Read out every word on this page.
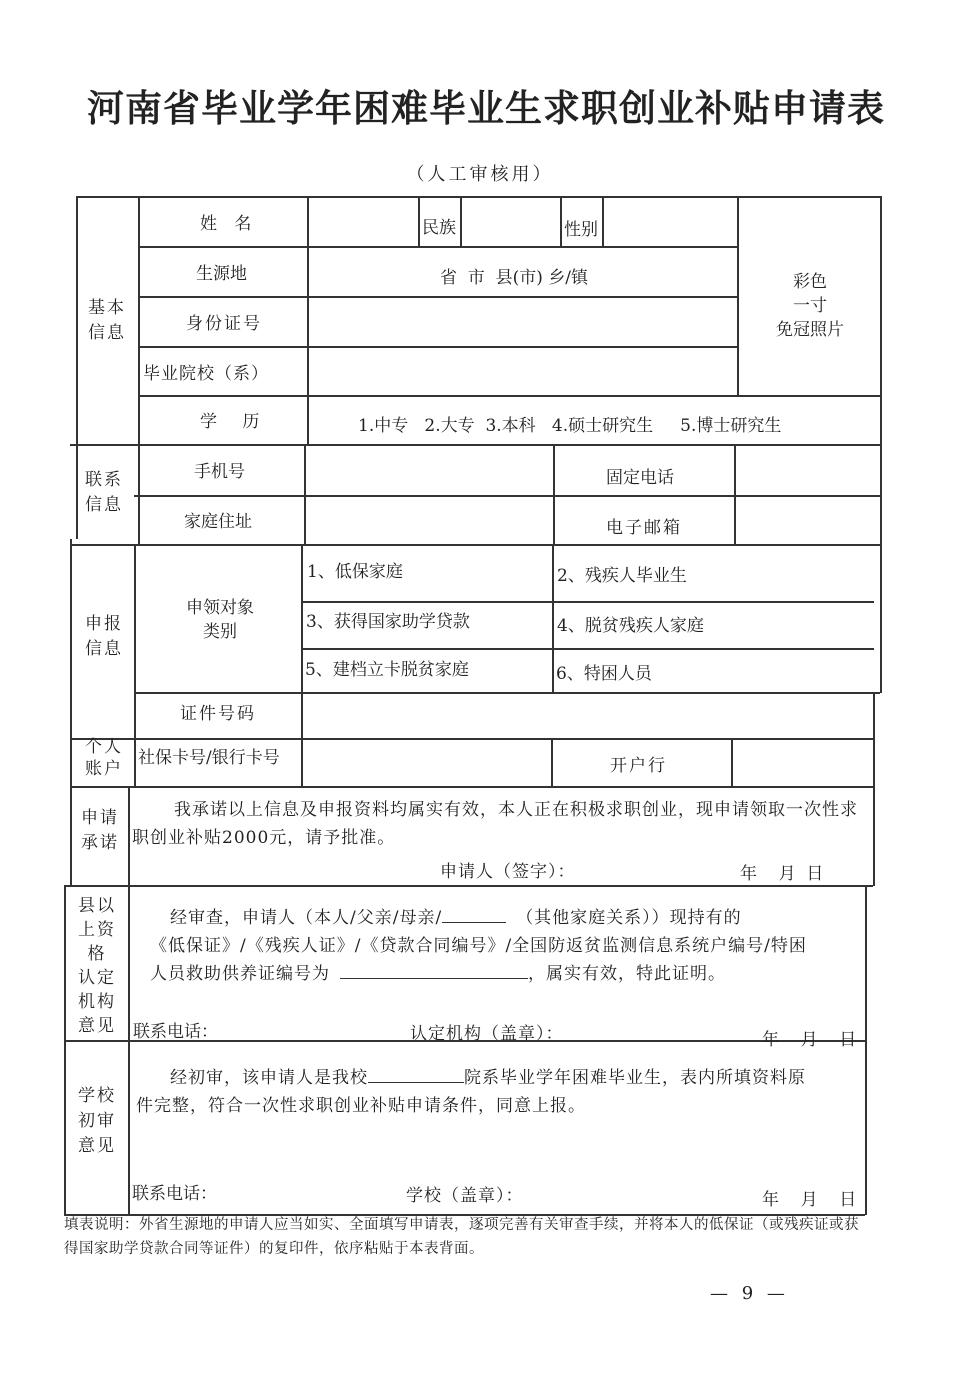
河南省毕业学年困难毕业生求职创业补贴申请表
（人工审核用）
基本
信息
姓 名	民族	性别
生源地	省  市  县(市) 乡/镇
身份证号
毕业院校（系）
学 历	1.中专   2.大专  3.本科   4.硕士研究生     5.博士研究生
彩色
一寸
免冠照片
联系
信息
手机号	固定电话
家庭住址	电子邮箱
申报
信息
申领对象
类别
1、低保家庭	2、残疾人毕业生
3、获得国家助学贷款	4、脱贫残疾人家庭
5、建档立卡脱贫家庭	6、特困人员
证件号码
个人
账户
社保卡号/银行卡号	开户行
申请
承诺
我承诺以上信息及申报资料均属实有效，本人正在积极求职创业，现申请领取一次性求职创业补贴2000元，请予批准。
申请人（签字）：	年    月  日
县以
上资
格
认定
机构
意见
经审查，申请人（本人/父亲/母亲/	（其他家庭关系））现持有的
《低保证》/《残疾人证》/《贷款合同编号》/全国防返贫监测信息系统户编号/特困
人员救助供养证编号为	，属实有效，特此证明。
联系电话：	认定机构（盖章）：	年    月    日
学校
初审
意见
经初审，该申请人是我校	院系毕业学年困难毕业生，表内所填资料原
件完整，符合一次性求职创业补贴申请条件，同意上报。
联系电话：	学校（盖章）：	年    月    日
填表说明：外省生源地的申请人应当如实、全面填写申请表，逐项完善有关审查手续，并将本人的低保证（或残疾证或获得国家助学贷款合同等证件）的复印件，依序粘贴于本表背面。
— 9 —
